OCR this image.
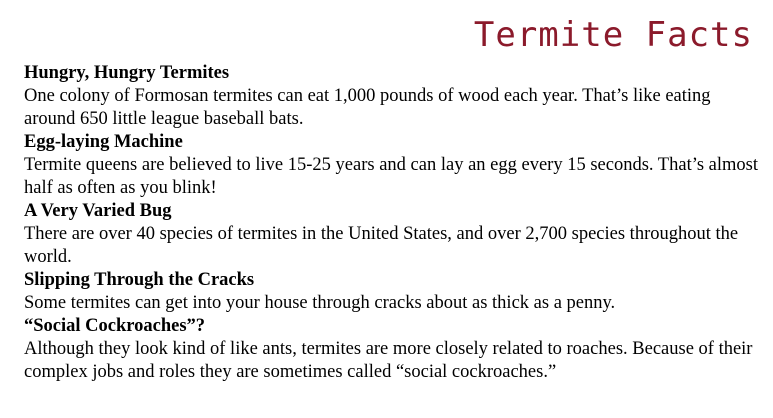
Termite Facts

Hungry, Hungry Termites

One colony of Formosan termites can eat 1,000 pounds of wood each year. That’s like eating around 650 little league baseball bats.

Egg-laying Machine

Termite queens are believed to live 15-25 years and can lay an egg every 15 seconds. That’s almost half as often as you blink!

A Very Varied Bug

There are over 40 species of termites in the United States, and over 2,700 species throughout the world.

Slipping Through the Cracks

Some termites can get into your house through cracks about as thick as a penny.

“Social Cockroaches”?

Although they look kind of like ants, termites are more closely related to roaches. Because of their complex jobs and roles they are sometimes called “social cockroaches.”
